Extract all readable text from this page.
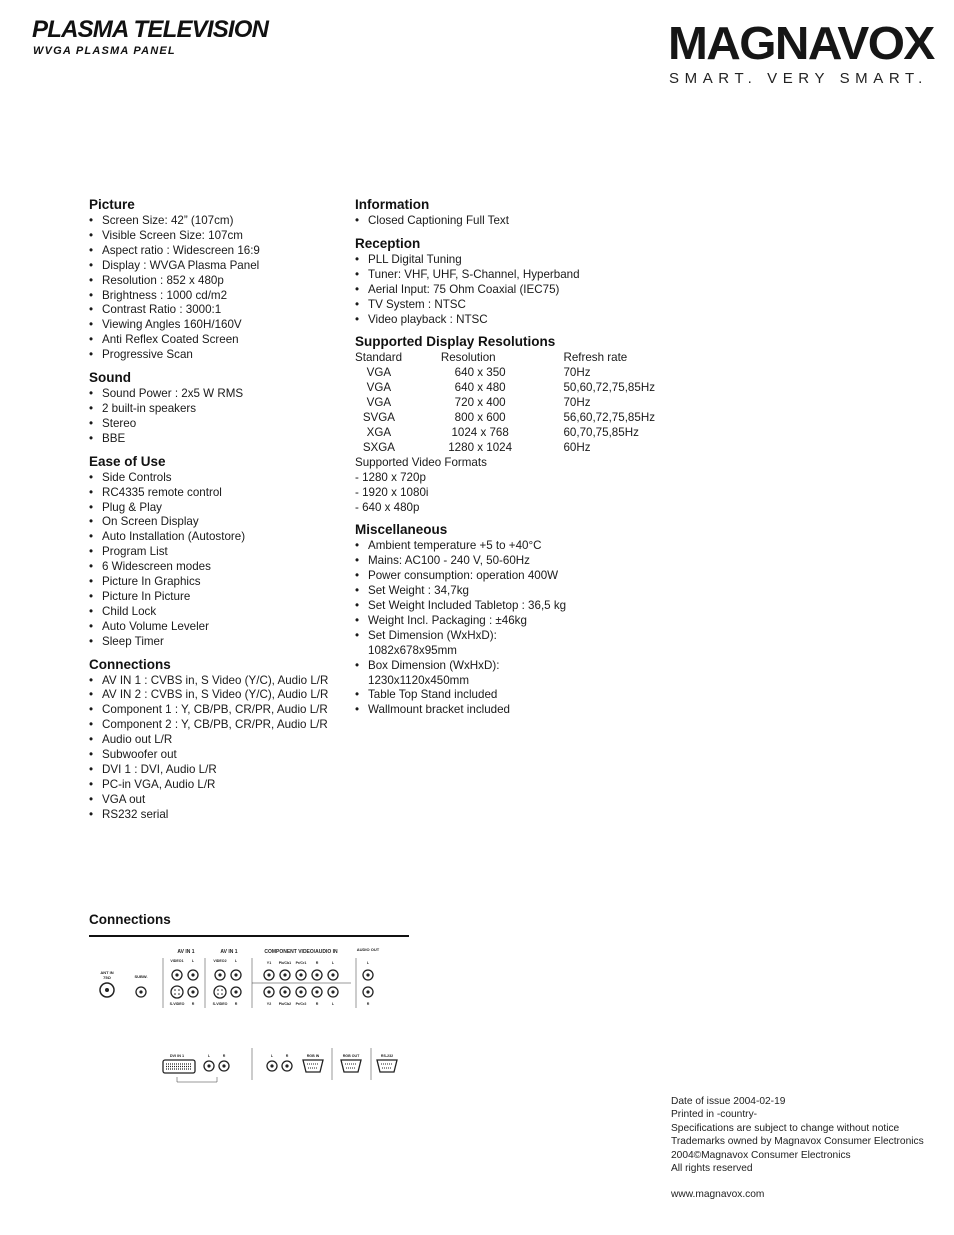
PLASMA TELEVISION
WVGA PLASMA PANEL	MAGNAVOX
SMART. VERY SMART.
Picture
• Screen Size: 42” (107cm)
• Visible Screen Size: 107cm
• Aspect ratio : Widescreen 16:9
• Display : WVGA Plasma Panel
• Resolution : 852 x 480p
• Brightness : 1000 cd/m2
• Contrast Ratio : 3000:1
• Viewing Angles 160H/160V
• Anti Reflex Coated Screen
• Progressive Scan
Sound
• Sound Power : 2x5 W RMS
• 2 built-in speakers
• Stereo
• BBE
Ease of Use
• Side Controls
• RC4335 remote control
• Plug & Play
• On Screen Display
• Auto Installation (Autostore)
• Program List
• 6 Widescreen modes
• Picture In Graphics
• Picture In Picture
• Child Lock
• Auto Volume Leveler
• Sleep Timer
Connections
• AV IN 1 : CVBS in, S Video (Y/C), Audio L/R
• AV IN 2 : CVBS in, S Video (Y/C), Audio L/R
• Component 1 : Y, CB/PB, CR/PR, Audio L/R
• Component 2 : Y, CB/PB, CR/PR, Audio L/R
• Audio out L/R
• Subwoofer out
• DVI 1 : DVI, Audio L/R
• PC-in VGA, Audio L/R
• VGA out
• RS232 serial
Information
• Closed Captioning Full Text
Reception
• PLL Digital Tuning
• Tuner: VHF, UHF, S-Channel, Hyperband
• Aerial Input: 75 Ohm Coaxial (IEC75)
• TV System : NTSC
• Video playback : NTSC
Supported Display Resolutions
Standard	Resolution	Refresh rate
VGA	640 x 350	70Hz
VGA	640 x 480	50,60,72,75,85Hz
VGA	720 x 400	70Hz
SVGA	800 x 600	56,60,72,75,85Hz
XGA	1024 x 768	60,70,75,85Hz
SXGA	1280 x 1024	60Hz
Supported Video Formats
- 1280 x 720p
- 1920 x 1080i
- 640 x 480p
Miscellaneous
• Ambient temperature +5 to +40°C
• Mains: AC100 - 240 V, 50-60Hz
• Power consumption: operation 400W
• Set Weight : 34,7kg
• Set Weight Included Tabletop : 36,5 kg
• Weight Incl. Packaging : ±46kg
• Set Dimension (WxHxD): 1082x678x95mm
• Box Dimension (WxHxD): 1230x1120x450mm
• Table Top Stand included
• Wallmount bracket included
Connections
AV IN 1	AV IN 1	COMPONENT VIDEO/AUDIO IN	AUDIO OUT
ANT IN
75Ω	SUBW.
VIDEO1 L
S-VIDEO R
VIDEO2 L
S-VIDEO R
Y1 Pb/Cb1 Pr/Cr1	R	L
Y2 Pb/Cb2 Pr/Cr2	R	L
L
R
DVI IN 1	L	R	L	R	RGB IN	RGB OUT	RS-232
Date of issue 2004-02-19
Printed in -country-
Specifications are subject to change without notice
Trademarks owned by Magnavox Consumer Electronics
2004©Magnavox Consumer Electronics
All rights reserved
www.magnavox.com
